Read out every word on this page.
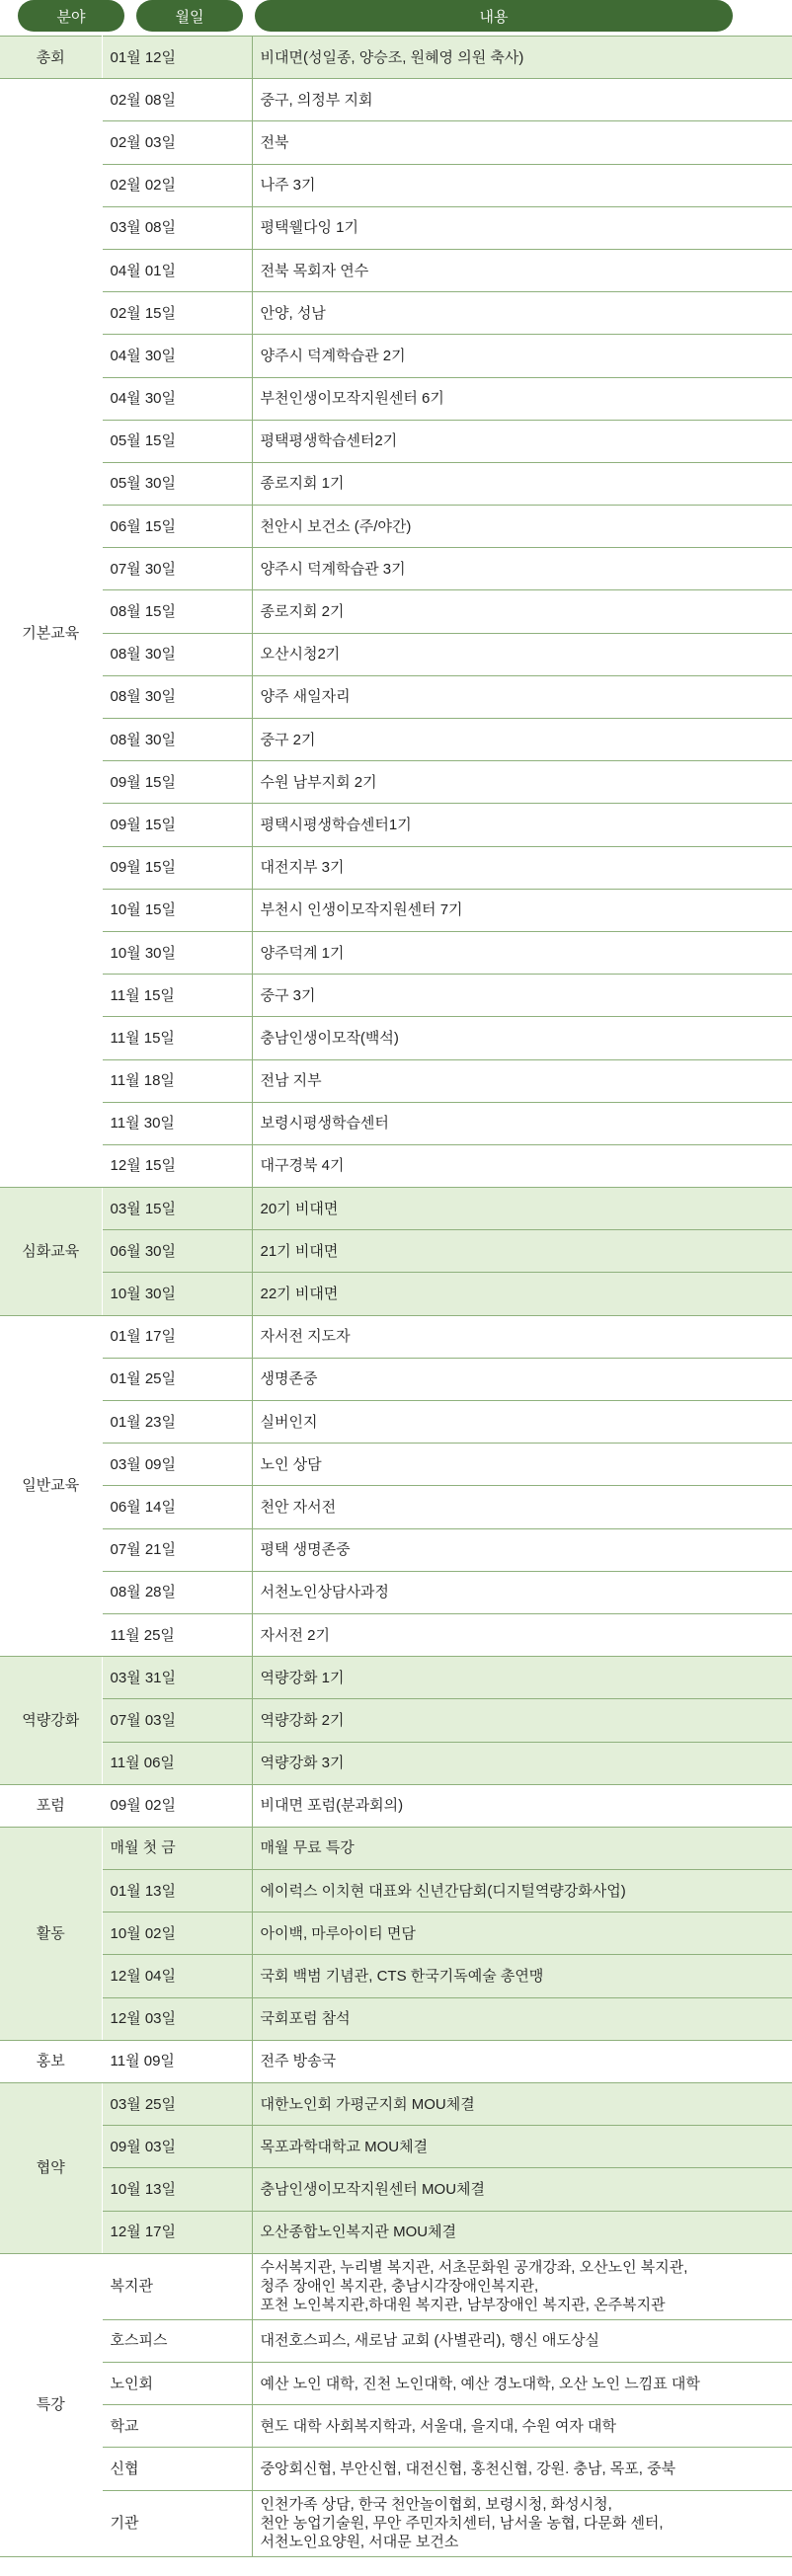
분야	월일	내용
총회	01월 12일	비대면(성일종, 양승조, 원혜영 의원 축사)
기본교육	02월 08일	중구, 의정부 지회
	02월 03일	전북
	02월 02일	나주 3기
	03월 08일	평택웰다잉 1기
	04월 01일	전북 목회자 연수
	02월 15일	안양, 성남
	04월 30일	양주시 덕계학습관 2기
	04월 30일	부천인생이모작지원센터 6기
	05월 15일	평택평생학습센터2기
	05월 30일	종로지회 1기
	06월 15일	천안시 보건소 (주/야간)
	07월 30일	양주시 덕계학습관 3기
	08월 15일	종로지회 2기
	08월 30일	오산시청2기
	08월 30일	양주 새일자리
	08월 30일	중구 2기
	09월 15일	수원 남부지회 2기
	09월 15일	평택시평생학습센터1기
	09월 15일	대전지부 3기
	10월 15일	부천시 인생이모작지원센터 7기
	10월 30일	양주덕계 1기
	11월 15일	중구 3기
	11월 15일	충남인생이모작(백석)
	11월 18일	전남 지부
	11월 30일	보령시평생학습센터
	12월 15일	대구경북 4기
심화교육	03월 15일	20기 비대면
	06월 30일	21기 비대면
	10월 30일	22기 비대면
일반교육	01월 17일	자서전 지도자
	01월 25일	생명존중
	01월 23일	실버인지
	03월 09일	노인 상담
	06월 14일	천안 자서전
	07월 21일	평택 생명존중
	08월 28일	서천노인상담사과정
	11월 25일	자서전 2기
역량강화	03월 31일	역량강화 1기
	07월 03일	역량강화 2기
	11월 06일	역량강화 3기
포럼	09월 02일	비대면 포럼(분과회의)
활동	매월 첫 금	매월 무료 특강
	01월 13일	에이럭스 이치현 대표와 신년간담회(디지털역량강화사업)
	10월 02일	아이백, 마루아이티 면담
	12월 04일	국회 백범 기념관, CTS 한국기독예술 총연맹
	12월 03일	국회포럼 참석
홍보	11월 09일	전주 방송국
협약	03월 25일	대한노인회 가평군지회 MOU체결
	09월 03일	목포과학대학교 MOU체결
	10월 13일	충남인생이모작지원센터 MOU체결
	12월 17일	오산종합노인복지관 MOU체결
특강	복지관	수서복지관, 누리별 복지관, 서초문화원 공개강좌, 오산노인 복지관,
청주 장애인 복지관, 충남시각장애인복지관,
포천 노인복지관,하대원 복지관, 남부장애인 복지관, 온주복지관

	호스피스	대전호스피스, 새로남 교회 (사별관리), 행신 애도상실

	노인회	예산 노인 대학, 진천 노인대학, 예산 경노대학, 오산 노인 느낌표 대학

	학교	현도 대학 사회복지학과, 서울대, 을지대, 수원 여자 대학

	신협	중앙회신협, 부안신협, 대전신협, 홍천신협, 강원. 충남, 목포, 중북

	기관	인천가족 상담, 한국 천안놀이협회, 보령시청, 화성시청,
천안 농업기술원, 무안 주민자치센터, 남서울 농협, 다문화 센터,
서천노인요양원, 서대문 보건소
